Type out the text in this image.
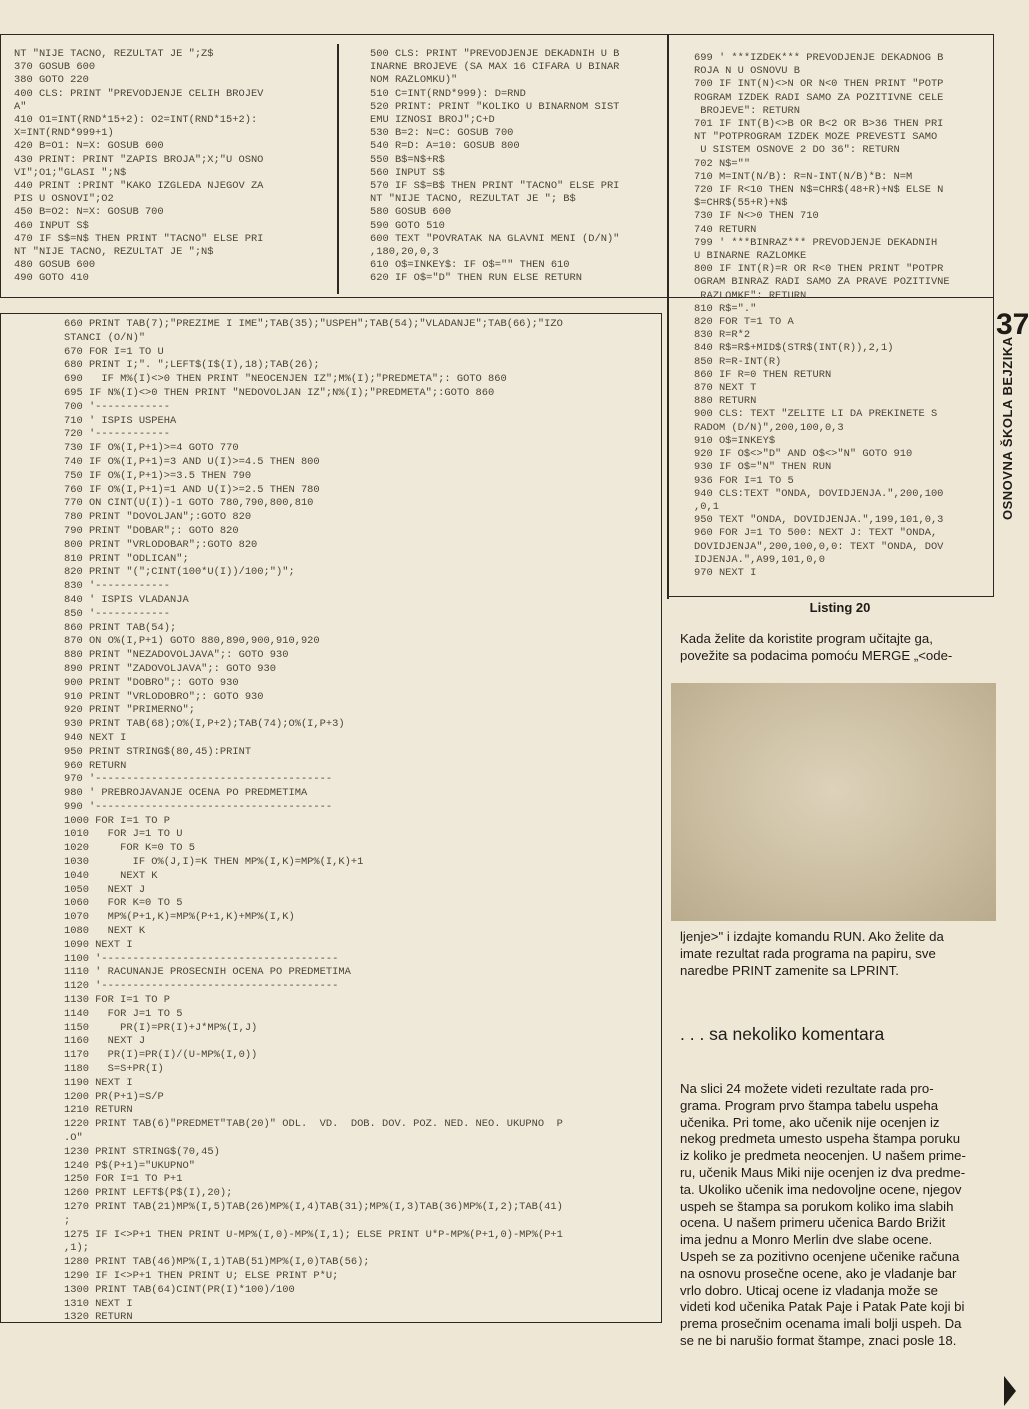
NT "NIJE TACNO, REZULTAT JE ";Z$
370 GOSUB 600
380 GOTO 220
400 CLS: PRINT "PREVODJENJE CELIH BROJEV
A"
410 O1=INT(RND*15+2): O2=INT(RND*15+2):
X=INT(RND*999+1)
420 B=O1: N=X: GOSUB 600
430 PRINT: PRINT "ZAPIS BROJA";X;"U OSNO
VI";O1;"GLASI ";N$
440 PRINT :PRINT "KAKO IZGLEDA NJEGOV ZA
PIS U OSNOVI";O2
450 B=O2: N=X: GOSUB 700
460 INPUT S$
470 IF S$=N$ THEN PRINT "TACNO" ELSE PRI
NT "NIJE TACNO, REZULTAT JE ";N$
480 GOSUB 600
490 GOTO 410
500 CLS: PRINT "PREVODJENJE DEKADNIH U B
INARNE BROJEVE (SA MAX 16 CIFARA U BINAR
NOM RAZLOMKU)"
510 C=INT(RND*999): D=RND
520 PRINT: PRINT "KOLIKO U BINARNOM SIST
EMU IZNOSI BROJ";C+D
530 B=2: N=C: GOSUB 700
540 R=D: A=10: GOSUB 800
550 B$=N$+R$
560 INPUT S$
570 IF S$=B$ THEN PRINT "TACNO" ELSE PRI
NT "NIJE TACNO, REZULTAT JE "; B$
580 GOSUB 600
590 GOTO 510
600 TEXT "POVRATAK NA GLAVNI MENI (D/N)"
,180,20,0,3
610 O$=INKEY$: IF O$="" THEN 610
620 IF O$="D" THEN RUN ELSE RETURN
699 ' ***IZDEK*** PREVODJENJE DEKADNOG B
ROJA N U OSNOVU B
700 IF INT(N)<>N OR N<0 THEN PRINT "POTP
ROGRAM IZDEK RADI SAMO ZA POZITIVNE CELE
BROJEVE": RETURN
701 IF INT(B)<>B OR B<2 OR B>36 THEN PRI
NT "POTPROGRAM IZDEK MOZE PREVESTI SAMO
U SISTEM OSNOVE 2 DO 36": RETURN
702 N$=""
710 M=INT(N/B): R=N-INT(N/B)*B: N=M
720 IF R<10 THEN N$=CHR$(48+R)+N$ ELSE N
$=CHR$(55+R)+N$
730 IF N<>0 THEN 710
740 RETURN
799 ' ***BINRAZ*** PREVODJENJE DEKADNIH
U BINARNE RAZLOMKE
800 IF INT(R)=R OR R<0 THEN PRINT "POTPR
OGRAM BINRAZ RADI SAMO ZA PRAVE POZITIVNE
RAZLOMKE": RETURN
810 R$="."
820 FOR T=1 TO A
830 R=R*2
840 R$=R$+MID$(STR$(INT(R)),2,1)
850 R=R-INT(R)
860 IF R=0 THEN RETURN
870 NEXT T
880 RETURN
900 CLS: TEXT "ZELITE LI DA PREKINETE S
RADOM (D/N)",200,100,0,3
910 O$=INKEY$
920 IF O$<>"D" AND O$<>"N" GOTO 910
930 IF O$="N" THEN RUN
936 FOR I=1 TO 5
940 CLS:TEXT "ONDA, DOVIDJENJA.",200,100
,0,1
950 TEXT "ONDA, DOVIDJENJA.",199,101,0,3
960 FOR J=1 TO 500: NEXT J: TEXT "ONDA,
DOVIDJENJA",200,100,0,0: TEXT "ONDA, DOV
IDJENJA.",A99,101,0,0
970 NEXT I
660 PRINT TAB(7);"PREZIME I IME";TAB(35);"USPEH";TAB(54);"VLADANJE";TAB(66);"IZO
STANCI (O/N)"
670 FOR I=1 TO U
680 PRINT I;". ";LEFT$(I$(I),18);TAB(26);
690   IF M%(I)<>0 THEN PRINT "NEOCENJEN IZ";M%(I);"PREDMETA";: GOTO 860
695 IF N%(I)<>0 THEN PRINT "NEDOVOLJAN IZ";N%(I);"PREDMETA";:GOTO 860
700 '------------
710 ' ISPIS USPEHA
720 '------------
730 IF O%(I,P+1)>=4 GOTO 770
740 IF O%(I,P+1)=3 AND U(I)>=4.5 THEN 800
750 IF O%(I,P+1)>=3.5 THEN 790
760 IF O%(I,P+1)=1 AND U(I)>=2.5 THEN 780
770 ON CINT(U(I))-1 GOTO 780,790,800,810
780 PRINT "DOVOLJAN";:GOTO 820
790 PRINT "DOBAR";: GOTO 820
800 PRINT "VRLODOBAR";:GOTO 820
810 PRINT "ODLICAN";
820 PRINT "(";CINT(100*U(I))/100;")";
830 '------------
840 ' ISPIS VLADANJA
850 '------------
860 PRINT TAB(54);
870 ON O%(I,P+1) GOTO 880,890,900,910,920
880 PRINT "NEZADOVOLJAVA";: GOTO 930
890 PRINT "ZADOVOLJAVA";: GOTO 930
900 PRINT "DOBRO";: GOTO 930
910 PRINT "VRLODOBRO";: GOTO 930
920 PRINT "PRIMERNO";
930 PRINT TAB(68);O%(I,P+2);TAB(74);O%(I,P+3)
940 NEXT I
950 PRINT STRING$(80,45):PRINT
960 RETURN
970 '--------------------------------------
980 ' PREBROJAVANJE OCENA PO PREDMETIMA
990 '--------------------------------------
1000 FOR I=1 TO P
1010   FOR J=1 TO U
1020     FOR K=0 TO 5
1030       IF O%(J,I)=K THEN MP%(I,K)=MP%(I,K)+1
1040     NEXT K
1050   NEXT J
1060   FOR K=0 TO 5
1070   MP%(P+1,K)=MP%(P+1,K)+MP%(I,K)
1080   NEXT K
1090 NEXT I
1100 '--------------------------------------
1110 ' RACUNANJE PROSECNIH OCENA PO PREDMETIMA
1120 '--------------------------------------
1130 FOR I=1 TO P
1140   FOR J=1 TO 5
1150     PR(I)=PR(I)+J*MP%(I,J)
1160   NEXT J
1170   PR(I)=PR(I)/(U-MP%(I,0))
1180   S=S+PR(I)
1190 NEXT I
1200 PR(P+1)=S/P
1210 RETURN
1220 PRINT TAB(6)"PREDMET"TAB(20)" ODL.  VD.  DOB. DOV. POZ. NED. NEO. UKUPNO  P
.O"
1230 PRINT STRING$(70,45)
1240 P$(P+1)="UKUPNO"
1250 FOR I=1 TO P+1
1260 PRINT LEFT$(P$(I),20);
1270 PRINT TAB(21)MP%(I,5)TAB(26)MP%(I,4)TAB(31);MP%(I,3)TAB(36)MP%(I,2);TAB(41)
;
1275 IF I<>P+1 THEN PRINT U-MP%(I,0)-MP%(I,1); ELSE PRINT U*P-MP%(P+1,0)-MP%(P+1
,1);
1280 PRINT TAB(46)MP%(I,1)TAB(51)MP%(I,0)TAB(56);
1290 IF I<>P+1 THEN PRINT U; ELSE PRINT P*U;
1300 PRINT TAB(64)CINT(PR(I)*100)/100
1310 NEXT I
1320 RETURN
37
OSNOVNA ŠKOLA BEJZIKA
Listing 20
Kada želite da koristite program učitajte ga,
povežite sa podacima pomoću MERGE „<ode-

ljenje>" i izdajte komandu RUN. Ako želite da
imate rezultat rada programa na papiru, sve
naredbe PRINT zamenite sa LPRINT.
. . . sa nekoliko komentara
Na slici 24 možete videti rezultate rada pro-
grama. Program prvo štampa tabelu uspeha
učenika. Pri tome, ako učenik nije ocenjen iz
nekog predmeta umesto uspeha štampa poruku
iz koliko je predmeta neocenjen. U našem prime-
ru, učenik Maus Miki nije ocenjen iz dva predme-
ta. Ukoliko učenik ima nedovoljne ocene, njegov
uspeh se štampa sa porukom koliko ima slabih
ocena. U našem primeru učenica Bardo Brižit
ima jednu a Monro Merlin dve slabe ocene.
Uspeh se za pozitivno ocenjene učenike računa
na osnovu prosečne ocene, ako je vladanje bar
vrlo dobro. Uticaj ocene iz vladanja može se
videti kod učenika Patak Paje i Patak Pate koji bi
prema prosečnim ocenama imali bolji uspeh. Da
se ne bi narušio format štampe, znaci posle 18.
